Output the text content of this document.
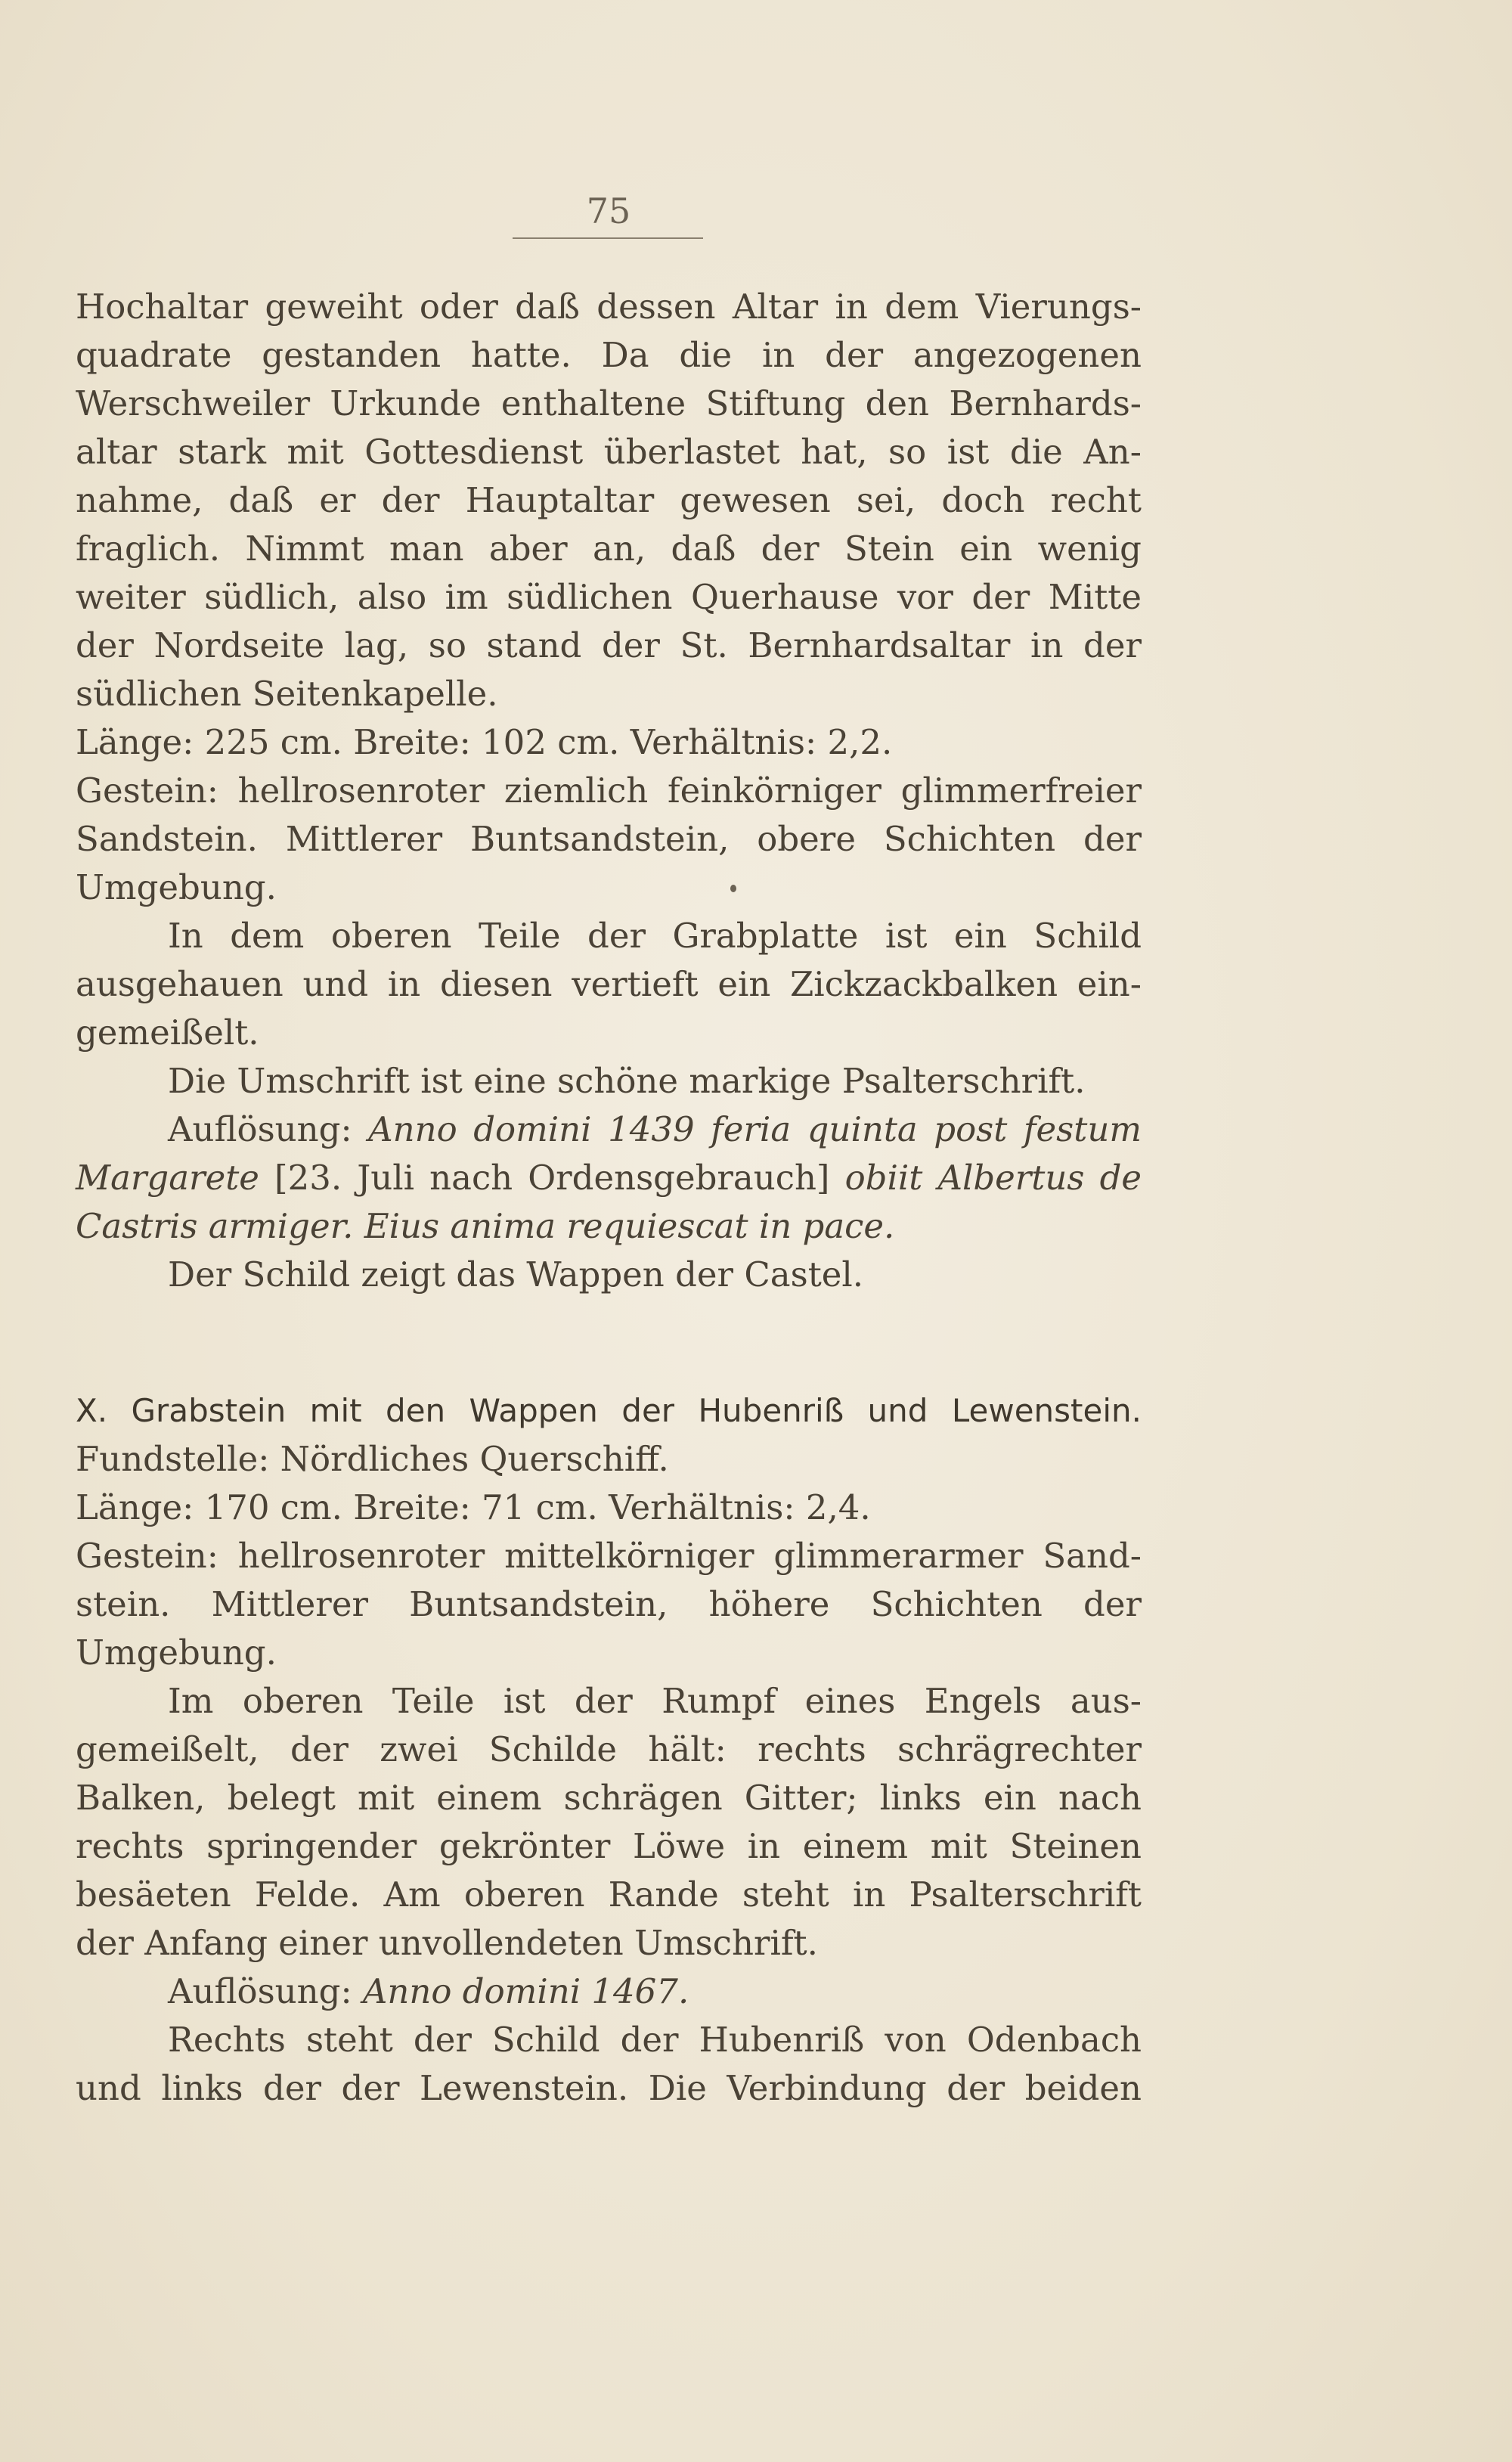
75
Hochaltar geweiht oder daß dessen Altar in dem Vierungs-
quadrate gestanden hatte. Da die in der angezogenen
Werschweiler Urkunde enthaltene Stiftung den Bernhards-
altar stark mit Gottesdienst überlastet hat, so ist die An-
nahme, daß er der Hauptaltar gewesen sei, doch recht
fraglich. Nimmt man aber an, daß der Stein ein wenig
weiter südlich, also im südlichen Querhause vor der Mitte
der Nordseite lag, so stand der St. Bernhardsaltar in der
südlichen Seitenkapelle.
Länge: 225 cm. Breite: 102 cm. Verhältnis: 2,2.
Gestein: hellrosenroter ziemlich feinkörniger glimmerfreier
Sandstein. Mittlerer Buntsandstein, obere Schichten der
Umgebung.
In dem oberen Teile der Grabplatte ist ein Schild
ausgehauen und in diesen vertieft ein Zickzackbalken ein-
gemeißelt.
Die Umschrift ist eine schöne markige Psalterschrift.
Auflösung: Anno domini 1439 feria quinta post festum
Margarete [23. Juli nach Ordensgebrauch] obiit Albertus de
Castris armiger. Eius anima requiescat in pace.
Der Schild zeigt das Wappen der Castel.
X. Grabstein mit den Wappen der Hubenriß und Lewenstein.
Fundstelle: Nördliches Querschiff.
Länge: 170 cm. Breite: 71 cm. Verhältnis: 2,4.
Gestein: hellrosenroter mittelkörniger glimmerarmer Sand-
stein. Mittlerer Buntsandstein, höhere Schichten der
Umgebung.
Im oberen Teile ist der Rumpf eines Engels aus-
gemeißelt, der zwei Schilde hält: rechts schrägrechter
Balken, belegt mit einem schrägen Gitter; links ein nach
rechts springender gekrönter Löwe in einem mit Steinen
besäeten Felde. Am oberen Rande steht in Psalterschrift
der Anfang einer unvollendeten Umschrift.
Auflösung: Anno domini 1467.
Rechts steht der Schild der Hubenriß von Odenbach
und links der der Lewenstein. Die Verbindung der beiden
